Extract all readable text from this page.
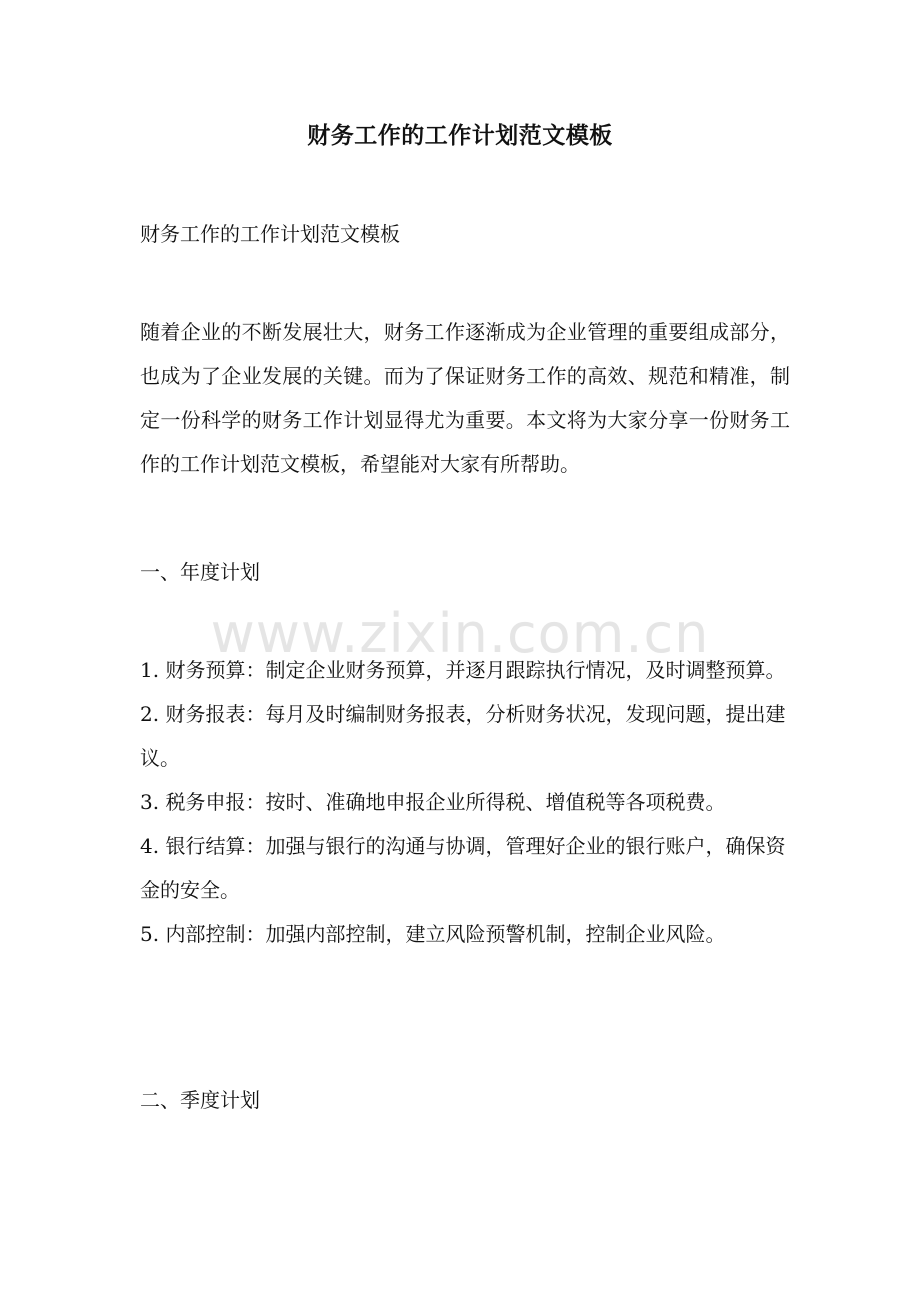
财务工作的工作计划范文模板

财务工作的工作计划范文模板

随着企业的不断发展壮大，财务工作逐渐成为企业管理的重要组成部分，也成为了企业发展的关键。而为了保证财务工作的高效、规范和精准，制定一份科学的财务工作计划显得尤为重要。本文将为大家分享一份财务工作的工作计划范文模板，希望能对大家有所帮助。

一、年度计划

1. 财务预算：制定企业财务预算，并逐月跟踪执行情况，及时调整预算。
2. 财务报表：每月及时编制财务报表，分析财务状况，发现问题，提出建议。
3. 税务申报：按时、准确地申报企业所得税、增值税等各项税费。
4. 银行结算：加强与银行的沟通与协调，管理好企业的银行账户，确保资金的安全。
5. 内部控制：加强内部控制，建立风险预警机制，控制企业风险。

二、季度计划

www.zixin.com.cn
